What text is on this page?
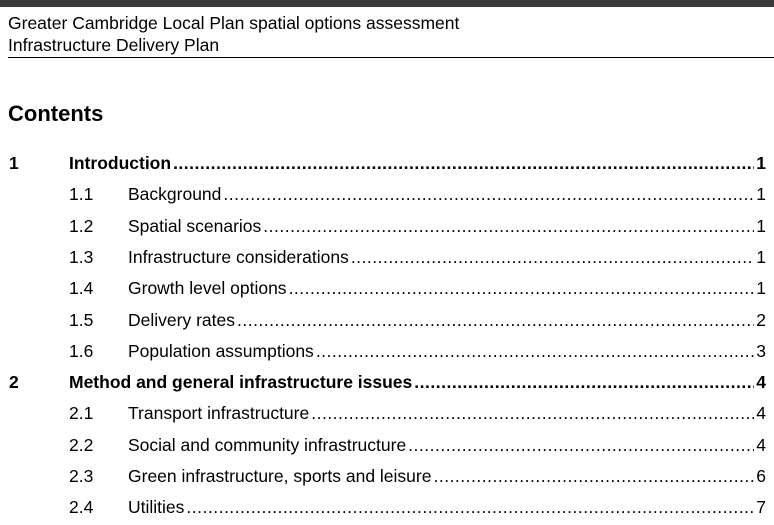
Greater Cambridge Local Plan spatial options assessment
Infrastructure Delivery Plan
Contents
1	Introduction .....	1
1.1 Background .....	1
1.2 Spatial scenarios .....	1
1.3 Infrastructure considerations .....	1
1.4 Growth level options .....	1
1.5 Delivery rates .....	2
1.6 Population assumptions .....	3
2	Method and general infrastructure issues .....	4
2.1 Transport infrastructure .....	4
2.2 Social and community infrastructure .....	4
2.3 Green infrastructure, sports and leisure .....	6
2.4 Utilities .....	7
